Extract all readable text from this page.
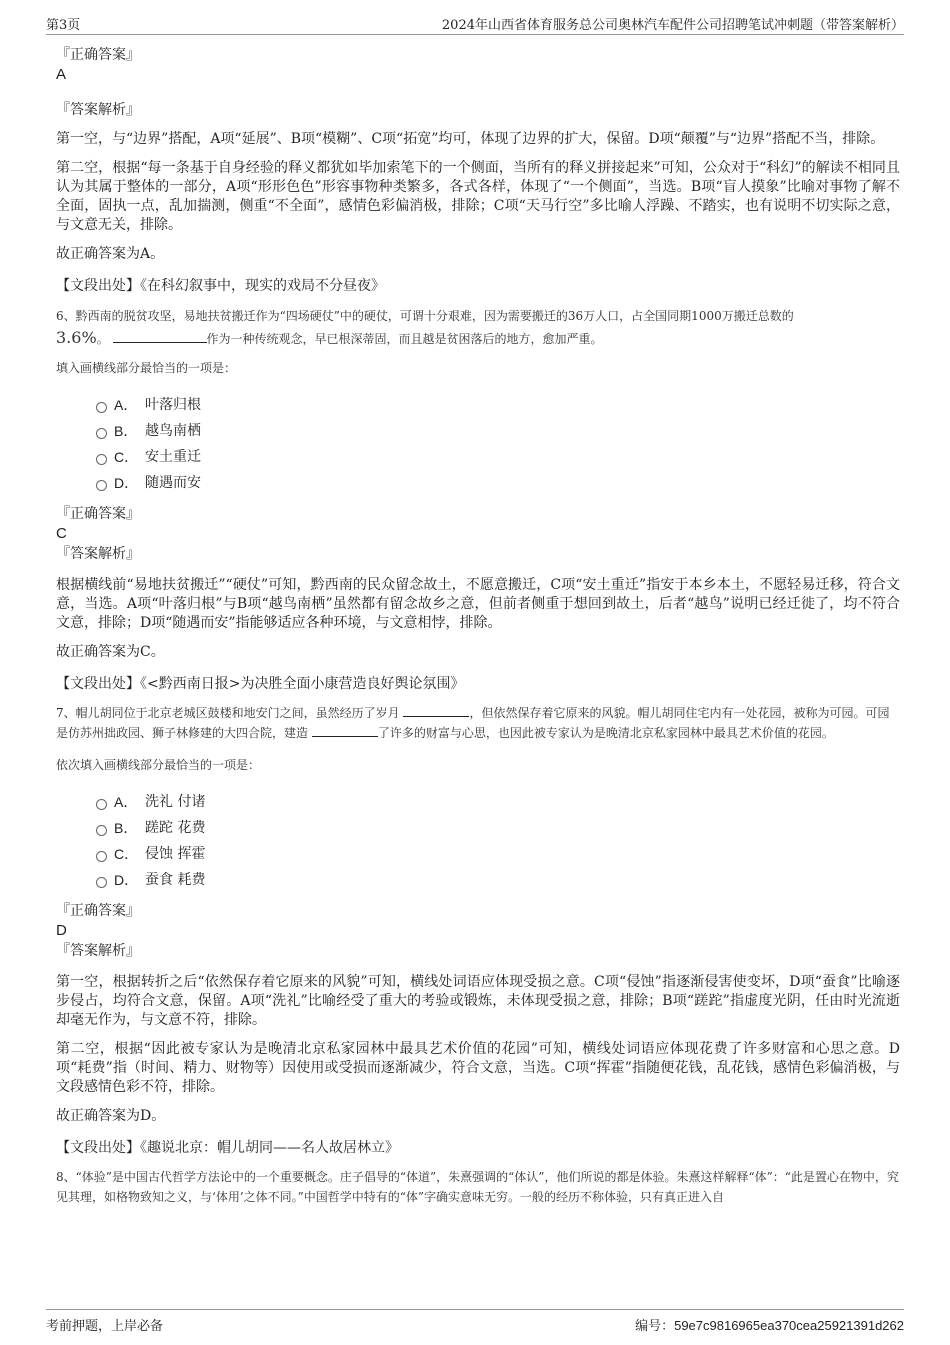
第3页	2024年山西省体育服务总公司奥林汽车配件公司招聘笔试冲刺题（带答案解析）

『正确答案』

A

『答案解析』

第一空，与“边界”搭配，A项“延展”、B项“模糊”、C项“拓宽”均可，体现了边界的扩大，保留。D项“颠覆”与“边界”搭配不当，排除。

第二空，根据“每一条基于自身经验的释义都犹如毕加索笔下的一个侧面，当所有的释义拼接起来”可知，公众对于“科幻”的解读不相同且认为其属于整体的一部分，A项“形形色色”形容事物种类繁多，各式各样，体现了“一个侧面”，当选。B项“盲人摸象”比喻对事物了解不全面，固执一点，乱加揣测，侧重“不全面”，感情色彩偏消极，排除；C项“天马行空”多比喻人浮躁、不踏实，也有说明不切实际之意，与文意无关，排除。

故正确答案为A。

【文段出处】《在科幻叙事中，现实的戏局不分昼夜》

6、黔西南的脱贫攻坚，易地扶贫搬迁作为“四场硬仗”中的硬仗，可谓十分艰难，因为需要搬迁的36万人口，占全国同期1000万搬迁总数的
3.6%。	作为一种传统观念，早已根深蒂固，而且越是贫困落后的地方，愈加严重。

填入画横线部分最恰当的一项是：

A． 叶落归根
B． 越鸟南栖
C． 安土重迁
D． 随遇而安

『正确答案』

C

『答案解析』

根据横线前“易地扶贫搬迁”“硬仗”可知，黔西南的民众留念故土，不愿意搬迁，C项“安土重迁”指安于本乡本土，不愿轻易迁移，符合文意，当选。A项“叶落归根”与B项“越鸟南栖”虽然都有留念故乡之意，但前者侧重于想回到故土，后者“越鸟”说明已经迁徙了，均不符合文意，排除；D项“随遇而安”指能够适应各种环境，与文意相悖，排除。

故正确答案为C。

【文段出处】《<黔西南日报>为决胜全面小康营造良好舆论氛围》

7、帽儿胡同位于北京老城区鼓楼和地安门之间，虽然经历了岁月	，但依然保存着它原来的风貌。帽儿胡同住宅内有一处花园，被称为可园。可园是仿苏州拙政园、狮子林修建的大四合院，建造	了许多的财富与心思，也因此被专家认为是晚清北京私家园林中最具艺术价值的花园。

依次填入画横线部分最恰当的一项是：

A． 洗礼 付诸
B． 蹉跎 花费
C． 侵蚀 挥霍
D． 蚕食 耗费

『正确答案』

D

『答案解析』

第一空，根据转折之后“依然保存着它原来的风貌”可知，横线处词语应体现受损之意。C项“侵蚀”指逐渐侵害使变坏，D项“蚕食”比喻逐步侵占，均符合文意，保留。A项“洗礼”比喻经受了重大的考验或锻炼，未体现受损之意，排除；B项“蹉跎”指虚度光阴，任由时光流逝却毫无作为，与文意不符，排除。

第二空，根据“因此被专家认为是晚清北京私家园林中最具艺术价值的花园”可知，横线处词语应体现花费了许多财富和心思之意。D项“耗费”指（时间、精力、财物等）因使用或受损而逐渐减少，符合文意，当选。C项“挥霍”指随便花钱，乱花钱，感情色彩偏消极，与文段感情色彩不符，排除。

故正确答案为D。

【文段出处】《趣说北京：帽儿胡同——名人故居林立》

8、“体验”是中国古代哲学方法论中的一个重要概念。庄子倡导的“体道”，朱熹强调的“体认”，他们所说的都是体验。朱熹这样解释“体”：“此是置心在物中，究见其理，如格物致知之义，与‘体用’之体不同。”中国哲学中特有的“体”字确实意味无穷。一般的经历不称体验，只有真正进入自

考前押题，上岸必备	编号：59e7c9816965ea370cea25921391d262
